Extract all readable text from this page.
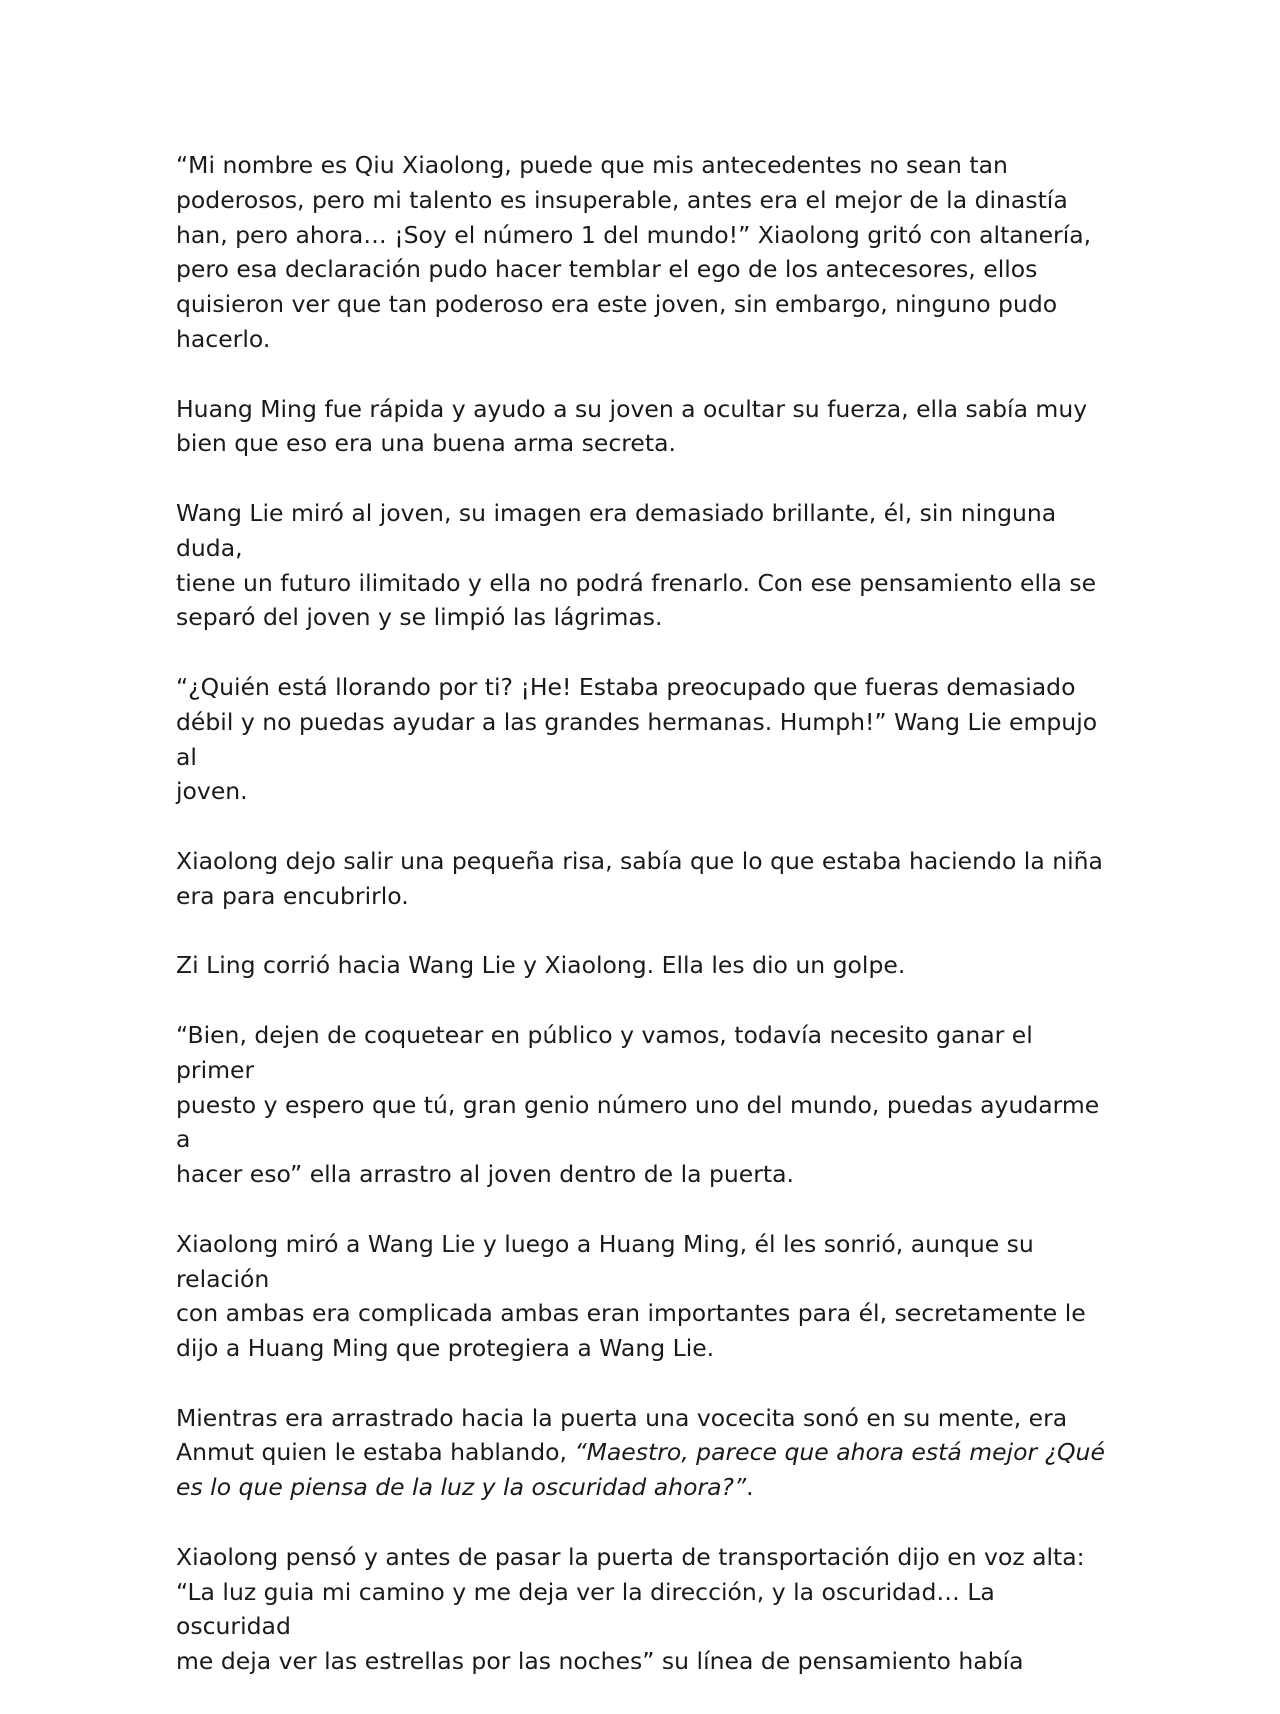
“Mi nombre es Qiu Xiaolong, puede que mis antecedentes no sean tan
poderosos, pero mi talento es insuperable, antes era el mejor de la dinastía
han, pero ahora… ¡Soy el número 1 del mundo!” Xiaolong gritó con altanería,
pero esa declaración pudo hacer temblar el ego de los antecesores, ellos
quisieron ver que tan poderoso era este joven, sin embargo, ninguno pudo
hacerlo.

Huang Ming fue rápida y ayudo a su joven a ocultar su fuerza, ella sabía muy
bien que eso era una buena arma secreta.

Wang Lie miró al joven, su imagen era demasiado brillante, él, sin ninguna duda,
tiene un futuro ilimitado y ella no podrá frenarlo. Con ese pensamiento ella se
separó del joven y se limpió las lágrimas.

“¿Quién está llorando por ti? ¡He! Estaba preocupado que fueras demasiado
débil y no puedas ayudar a las grandes hermanas. Humph!” Wang Lie empujo al
joven.

Xiaolong dejo salir una pequeña risa, sabía que lo que estaba haciendo la niña
era para encubrirlo.

Zi Ling corrió hacia Wang Lie y Xiaolong. Ella les dio un golpe.

“Bien, dejen de coquetear en público y vamos, todavía necesito ganar el primer
puesto y espero que tú, gran genio número uno del mundo, puedas ayudarme a
hacer eso” ella arrastro al joven dentro de la puerta.

Xiaolong miró a Wang Lie y luego a Huang Ming, él les sonrió, aunque su relación
con ambas era complicada ambas eran importantes para él, secretamente le
dijo a Huang Ming que protegiera a Wang Lie.

Mientras era arrastrado hacia la puerta una vocecita sonó en su mente, era
Anmut quien le estaba hablando, “Maestro, parece que ahora está mejor ¿Qué
es lo que piensa de la luz y la oscuridad ahora?”.

Xiaolong pensó y antes de pasar la puerta de transportación dijo en voz alta:
“La luz guia mi camino y me deja ver la dirección, y la oscuridad… La oscuridad
me deja ver las estrellas por las noches” su línea de pensamiento había
